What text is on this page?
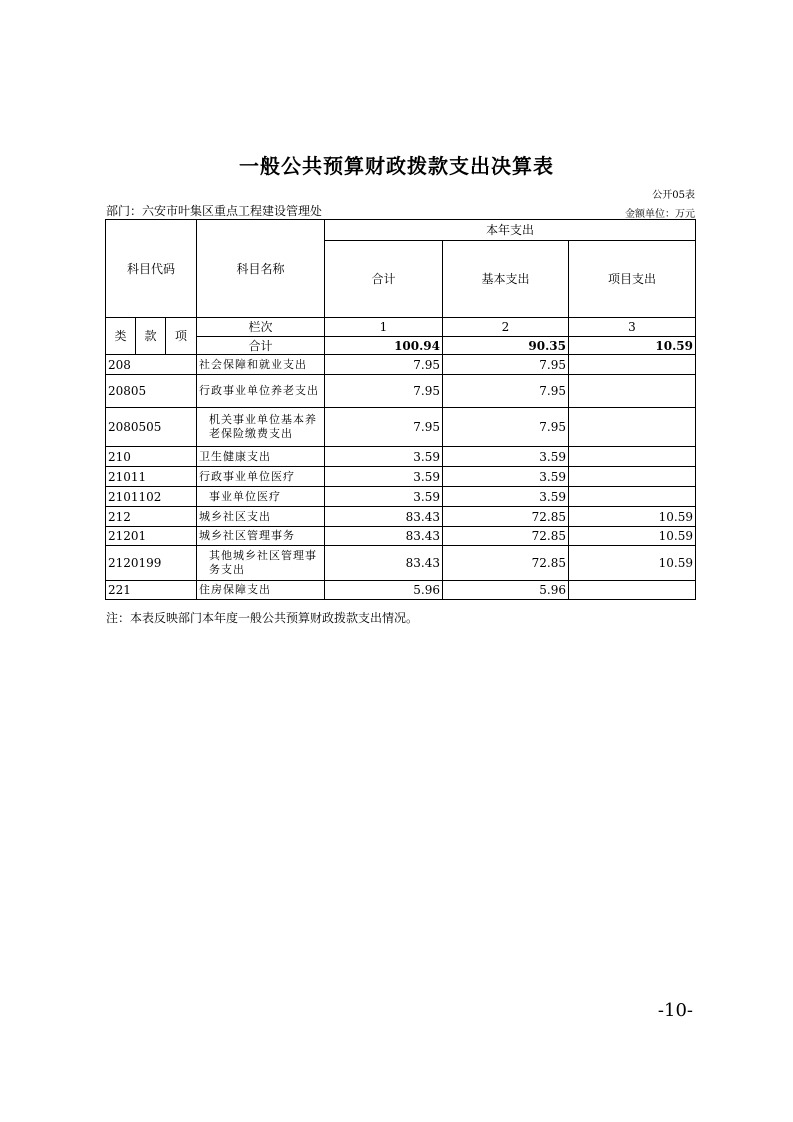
一般公共预算财政拨款支出决算表
公开05表
部门：六安市叶集区重点工程建设管理处	金额单位：万元
科目代码			科目名称	本年支出		
				合计	基本支出	项目支出
类	款	项	栏次	1	2	3
			合计	100.94	90.35	10.59
208			社会保障和就业支出	7.95	7.95	
20805			行政事业单位养老支出	7.95	7.95	
2080505			机关事业单位基本养老保险缴费支出	7.95	7.95	
210			卫生健康支出	3.59	3.59	
21011			行政事业单位医疗	3.59	3.59	
2101102			事业单位医疗	3.59	3.59	
212			城乡社区支出	83.43	72.85	10.59
21201			城乡社区管理事务	83.43	72.85	10.59
2120199			其他城乡社区管理事务支出	83.43	72.85	10.59
221			住房保障支出	5.96	5.96	
注：本表反映部门本年度一般公共预算财政拨款支出情况。
-10-
